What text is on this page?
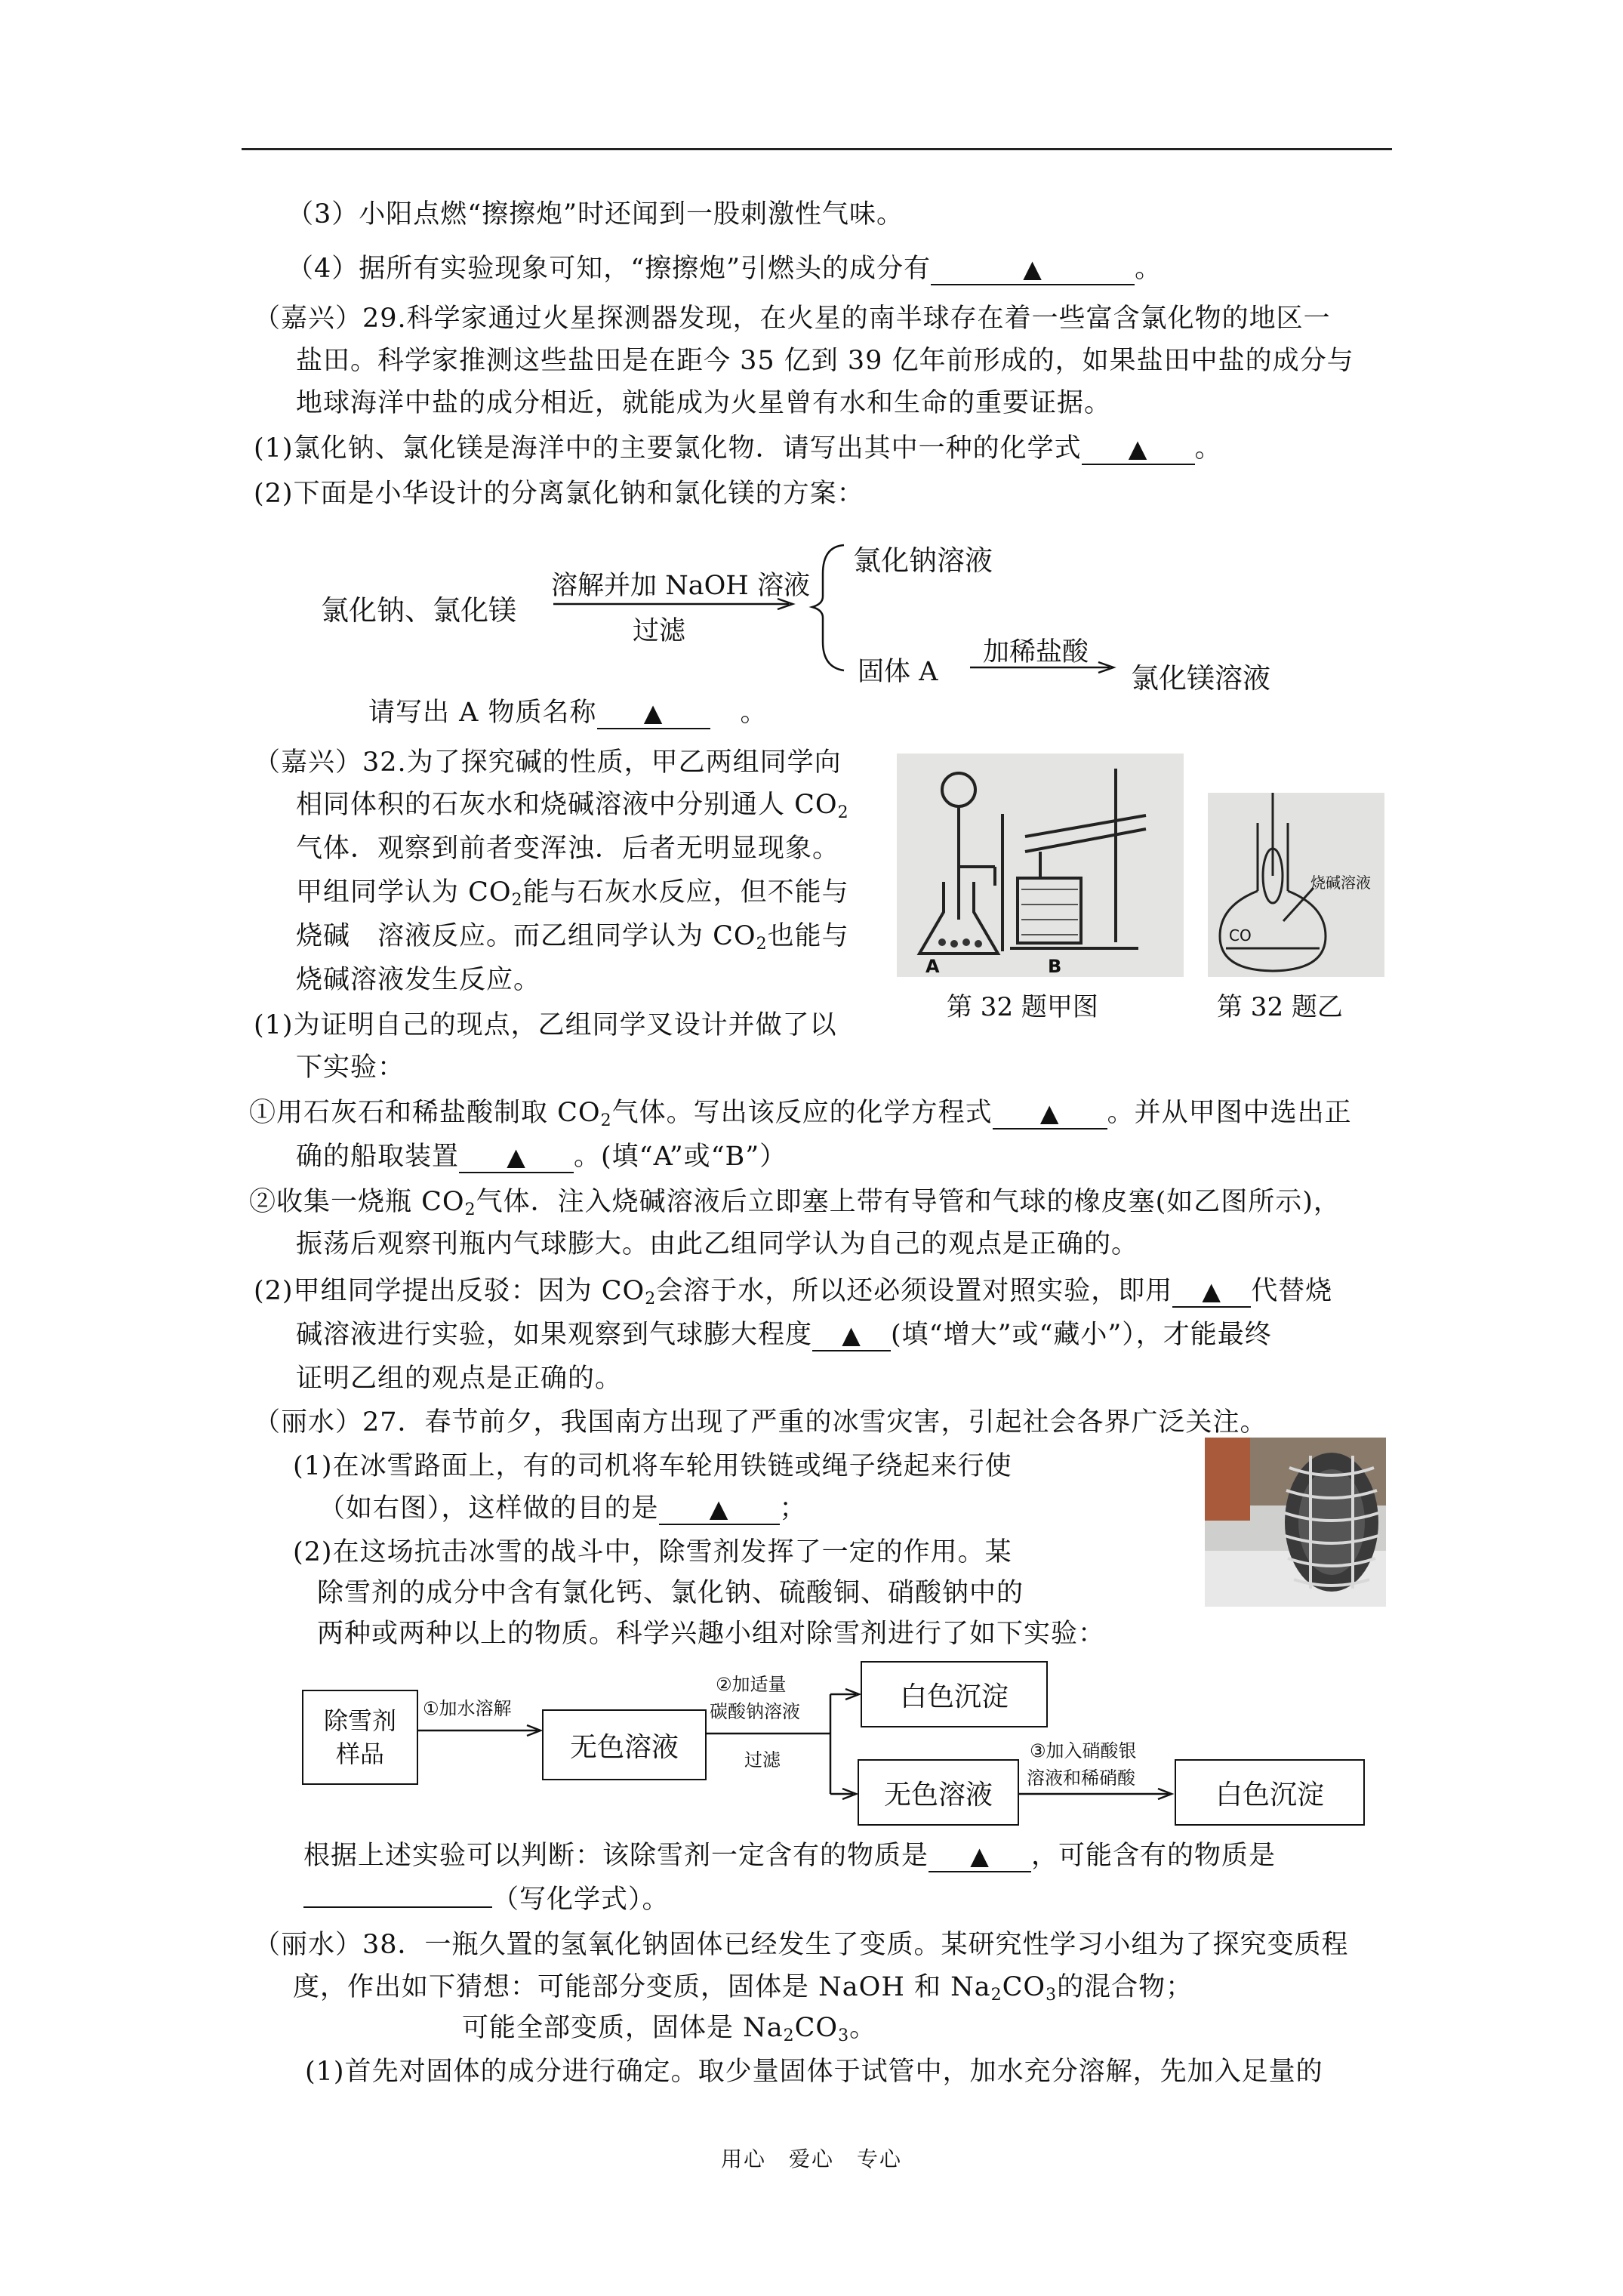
（3）小阳点燃“擦擦炮”时还闻到一股刺激性气味。
（4）据所有实验现象可知，“擦擦炮”引燃头的成分有	▲	。
（嘉兴）29.科学家通过火星探测器发现，在火星的南半球存在着一些富含氯化物的地区一
盐田。科学家推测这些盐田是在距今 35 亿到 39 亿年前形成的，如果盐田中盐的成分与
地球海洋中盐的成分相近，就能成为火星曾有水和生命的重要证据。
(1)氯化钠、氯化镁是海洋中的主要氯化物．请写出其中一种的化学式 ▲ 。
(2)下面是小华设计的分离氯化钠和氯化镁的方案：
氯化钠、氯化镁
溶解并加 NaOH 溶液
过滤
氯化钠溶液
固体 A
加稀盐酸
氯化镁溶液
请写出 A 物质名称 ▲	。
（嘉兴）32.为了探究碱的性质，甲乙两组同学向
相同体积的石灰水和烧碱溶液中分别通人 $CO_2$
气体．观察到前者变浑浊．后者无明显现象。
甲组同学认为 $CO_2$能与石灰水反应，但不能与
烧碱　溶液反应。而乙组同学认为 $CO_2$也能与
烧碱溶液发生反应。
(1)为证明自己的现点，乙组同学叉设计并做了以
下实验：
A	B
第 32 题甲图
CO
烧碱溶液
第 32 题乙
①用石灰石和稀盐酸制取 $CO_2$气体。写出该反应的化学方程式 ▲ 。并从甲图中选出正
确的船取装置 ▲ 。(填“A”或“B”）
②收集一烧瓶 $CO_2$气体．注入烧碱溶液后立即塞上带有导管和气球的橡皮塞(如乙图所示)，
振荡后观察刊瓶内气球膨大。由此乙组同学认为自己的观点是正确的。
(2)甲组同学提出反驳：因为 $CO_2$会溶于水，所以还必须设置对照实验，即用 ▲ 代替烧
碱溶液进行实验，如果观察到气球膨大程度 ▲ (填“增大”或“藏小”），才能最终
证明乙组的观点是正确的。
（丽水）27．春节前夕，我国南方出现了严重的冰雪灾害，引起社会各界广泛关注。
(1)在冰雪路面上，有的司机将车轮用铁链或绳子绕起来行使
（如右图），这样做的目的是 ▲ ；
(2)在这场抗击冰雪的战斗中，除雪剂发挥了一定的作用。某
除雪剂的成分中含有氯化钙、氯化钠、硫酸铜、硝酸钠中的
两种或两种以上的物质。科学兴趣小组对除雪剂进行了如下实验：
除雪剂
样品
①加水溶解
无色溶液
②加适量
碳酸钠溶液
过滤
白色沉淀
无色溶液
③加入硝酸银
溶液和稀硝酸
白色沉淀
根据上述实验可以判断：该除雪剂一定含有的物质是 ▲ ，可能含有的物质是
（写化学式）。
（丽水）38．一瓶久置的氢氧化钠固体已经发生了变质。某研究性学习小组为了探究变质程
度，作出如下猜想：可能部分变质，固体是 NaOH 和 $Na_2CO_3$的混合物；
可能全部变质，固体是 $Na_2CO_3$。
(1)首先对固体的成分进行确定。取少量固体于试管中，加水充分溶解，先加入足量的
用心　爱心　专心
